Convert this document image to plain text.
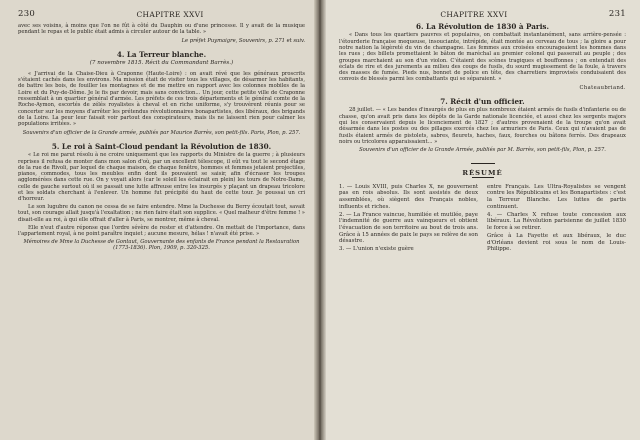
230	CHAPITRE XXVI

avec ses voisins, à moins que l'on ne fût à côté du Dauphin ou d'une princesse. Il y avait de la musique pendant le repas et le public était admis à circuler autour de la table. »

Le préfet Puymaigre, Souvenirs, p. 271 et suiv.

4. La Terreur blanche.
(7 novembre 1815. Récit du Commandant Barrès.)

« J'arrivai de la Chaise-Dieu à Craponne (Haute-Loire) : on avait révé que les généraux proscrits s'étaient cachés dans les environs. Ma mission était de visiter tous les villages, de désarmer les habitants, de battre les bois, de fouiller les montagnes et de me mettre en rapport avec les colonnes mobiles de la Loire et du Puy-de-Dôme. Je le fis par devoir, mais sans conviction... Un jour, cette petite ville de Craponne ressemblait à un quartier général d'armée. Les préfets de ces trois départements et le général comte de la Roche-Aymon, escortés de zélés royalistes à cheval et en riche uniforme, s'y trouvèrent réunis pour se concerter sur les moyens d'arrêter les prétendus révolutionnaires bonapartistes, des libéraux, des brigands de la Loire. La peur leur faisait voir partout des conspirateurs, mais ils ne laissent rien pour calmer les populations irritées. »

Souvenirs d'un officier de la Grande armée, publiés par Maurice Barrès, son petit-fils. Paris, Plon, p. 257.

5. Le roi à Saint-Cloud pendant la Révolution de 1830.

« Le roi me parut résolu à ne croire uniquement que les rapports du Ministre de la guerre ; à plusieurs reprises il refusa de monter dans mon salon d'où, par un excellent télescope, il eût vu tout le second étage de la rue de Rivoli, par lequel de chaque maison, de chaque fenêtre, hommes et femmes jetaient projectiles, pianos, commodes, tous les meubles enfin dont ils pouvaient se saisir, afin d'écraser les troupes agglomérées dans cette rue. On y voyait alors (car le soleil les éclairait en plein) les tours de Notre-Dame, celle de gauche surtout où il se passait une lutte affreuse entre les insurgés y plaçant un drapeau tricolore et les soldats cherchant à l'enlever. Un homme fut précipité du haut de cette tour. Je poussai un cri d'horreur.

Le son lugubre du canon ne cessa de se faire entendre. Mme la Duchesse du Berry écoutait tout, savait tout, son courage allait jusqu'à l'exaltation ; ne rien faire était son supplice. « Quel malheur d'être femme ! » disait-elle au roi, à qui elle offrait d'aller à Paris, se montrer, même à cheval.

Elle n'eut d'autre réponse que l'ordre sévère de rester et d'attendre. On mettait de l'importance, dans l'appartement royal, à ne point paraître inquiet ; aucune mesure, hélas ! n'avait été prise. »

Mémoires de Mme la Duchesse de Gontaut, Gouvernante des enfants de France pendant la Restauration (1773-1836). Plon, 1909, p. 320-325.

CHAPITRE XXVI	231
6. La Révolution de 1830 à Paris.

« Dans tous les quartiers pauvres et populaires, on combattait instantanément, sans arrière-pensée : l'étourderie française mequeuse, insouciante, intrépide, était montée au cerveau de tous ; la gloire a pour notre nation la légèreté du vin de champagne. Les femmes aux croisées encourageaient les hommes dans les rues ; des billets promettaient le bâton de maréchal au premier colonel qui passerait au peuple ; des groupes marchaient au son d'un violon. C'étaient des scènes tragiques et bouffonnes ; on entendait des éclats de rire et des jurements au milieu des coups de fusils, du sourd mugissement de la foule, à travers des masses de fumée. Pieds nus, bonnet de police en tête, des charretiers improvisés conduisaient des convois de blessés parmi les combattants qui se séparaient. »

Chateaubriand.

7. Récit d'un officier.

28 juillet. — « Les bandes d'insurgés de plus en plus nombreux étaient armés de fusils d'infanterie ou de chasse, qu'on avait pris dans les dépôts de la Garde nationale licenciée, et aussi chez les sergents majors qui les conservaient depuis le licenciement de 1827 ; d'autres provenaient de la troupe qu'on avait désarmée dans les postes ou des pillages exercés chez les armuriers de Paris. Ceux qui n'avaient pas de fusils étaient armés de pistolets, sabres, fleurets, haches, faux, fourches ou bâtons ferrés. Des drapeaux noirs ou tricolores apparaissaient... »

Souvenirs d'un officier de la Grande Armée, publiés par M. Barrès, son petit-fils, Plon, p. 257.

RÉSUMÉ

1. — Louis XVIII, puis Charles X, ne gouvernent pas en rois absolus. Ils sont assistés de deux assemblées, où siègent des Français nobles, influents et riches.

2. — La France vaincue, humiliée et mutilée, paye l'indemnité de guerre aux vainqueurs et obtient l'évacuation de son territoire au bout de trois ans. Grâce à 15 années de paix le pays se relève de son désastre.

3. — L'union n'existe guère

entre Français. Les Ultra-Royalistes se vengent contre les Républicains et les Bonapartistes : c'est la Terreur Blanche. Les luttes de partis continuent.

4. — Charles X refuse toute concession aux libéraux. La Révolution parisienne de juillet 1830 le force à se retirer.

Grâce à La Fayette et aux libéraux, le duc d'Orléans devient roi sous le nom de Louis-Philippe.
